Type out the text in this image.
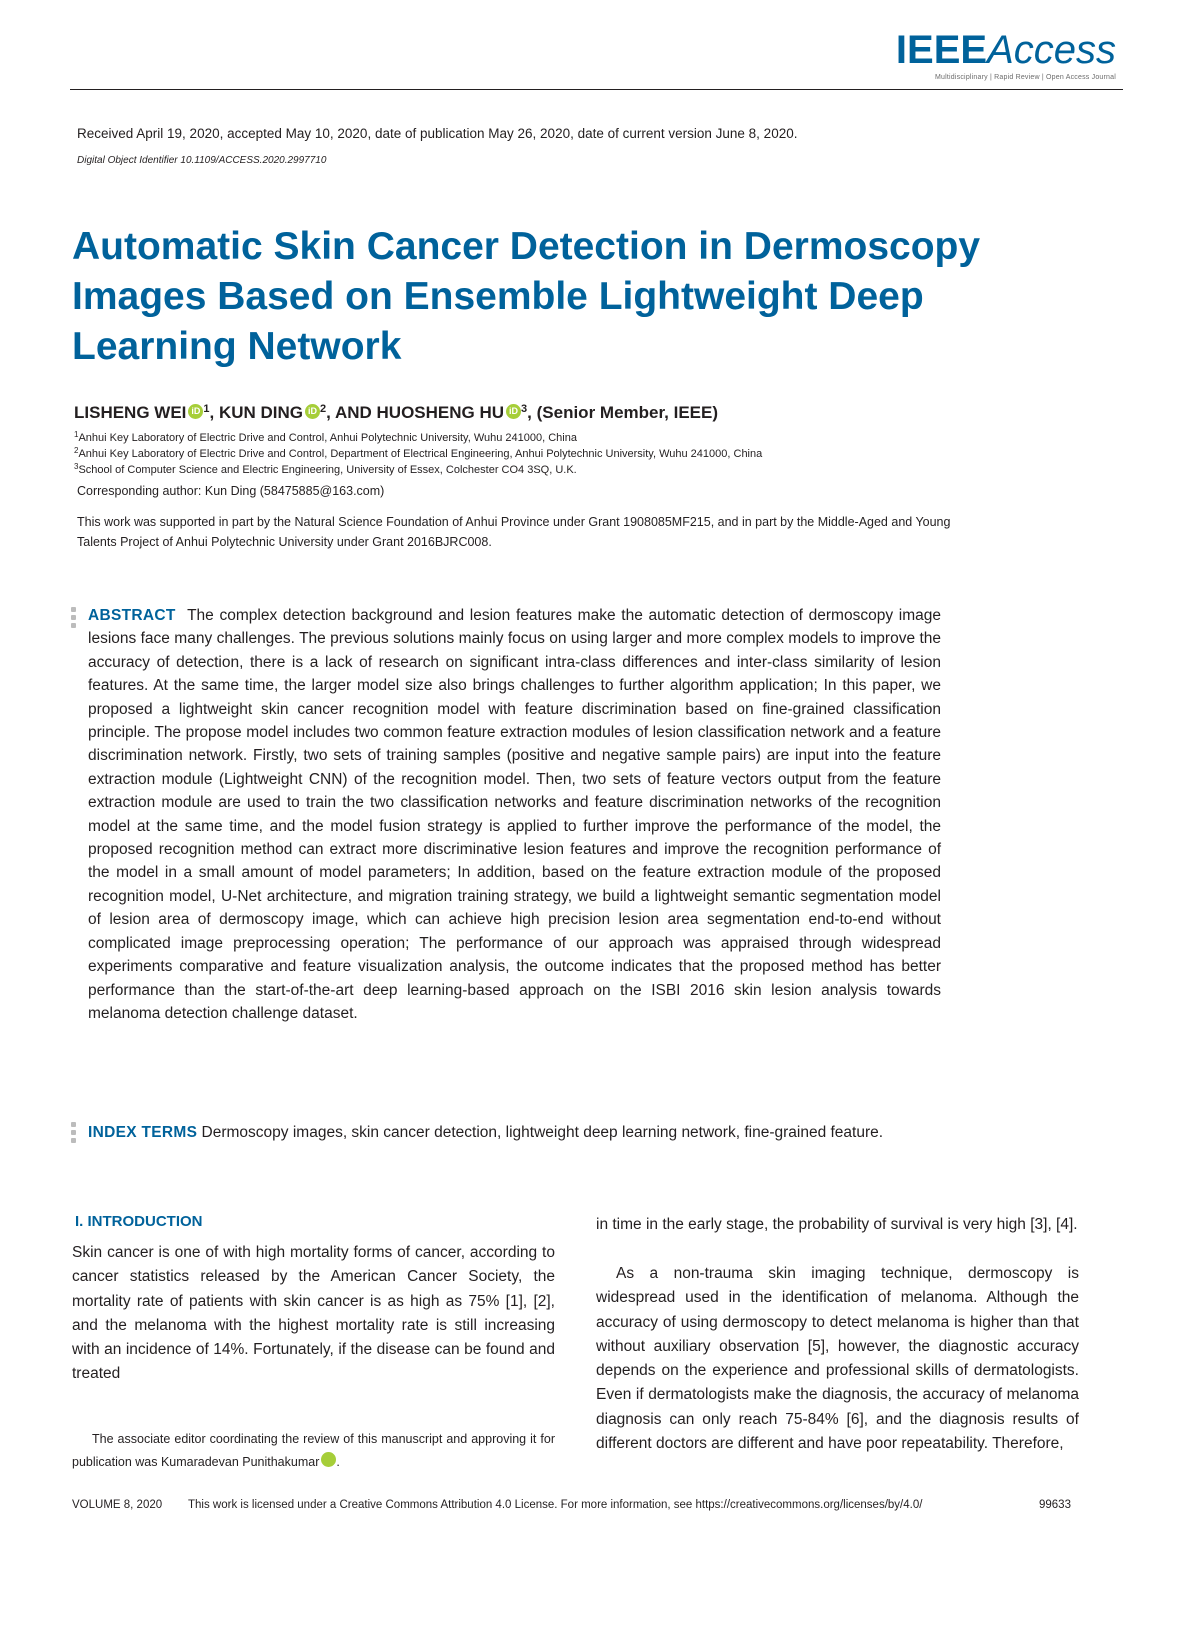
IEEEAccess
Multidisciplinary | Rapid Review | Open Access Journal
Received April 19, 2020, accepted May 10, 2020, date of publication May 26, 2020, date of current version June 8, 2020.
Digital Object Identifier 10.1109/ACCESS.2020.2997710
Automatic Skin Cancer Detection in Dermoscopy Images Based on Ensemble Lightweight Deep Learning Network
LISHENG WEI iD $^1$, KUN DING iD $^2$, AND HUOSHENG HU iD $^3$, (Senior Member, IEEE)
$^1$Anhui Key Laboratory of Electric Drive and Control, Anhui Polytechnic University, Wuhu 241000, China
$^2$Anhui Key Laboratory of Electric Drive and Control, Department of Electrical Engineering, Anhui Polytechnic University, Wuhu 241000, China
$^3$School of Computer Science and Electric Engineering, University of Essex, Colchester CO4 3SQ, U.K.
Corresponding author: Kun Ding (58475885@163.com)
This work was supported in part by the Natural Science Foundation of Anhui Province under Grant 1908085MF215, and in part by the Middle-Aged and Young Talents Project of Anhui Polytechnic University under Grant 2016BJRC008.

ABSTRACT The complex detection background and lesion features make the automatic detection of dermoscopy image lesions face many challenges. The previous solutions mainly focus on using larger and more complex models to improve the accuracy of detection, there is a lack of research on significant intra-class differences and inter-class similarity of lesion features. At the same time, the larger model size also brings challenges to further algorithm application; In this paper, we proposed a lightweight skin cancer recognition model with feature discrimination based on fine-grained classification principle. The propose model includes two common feature extraction modules of lesion classification network and a feature discrimination network. Firstly, two sets of training samples (positive and negative sample pairs) are input into the feature extraction module (Lightweight CNN) of the recognition model. Then, two sets of feature vectors output from the feature extraction module are used to train the two classification networks and feature discrimination networks of the recognition model at the same time, and the model fusion strategy is applied to further improve the performance of the model, the proposed recognition method can extract more discriminative lesion features and improve the recognition performance of the model in a small amount of model parameters; In addition, based on the feature extraction module of the proposed recognition model, U-Net architecture, and migration training strategy, we build a lightweight semantic segmentation model of lesion area of dermoscopy image, which can achieve high precision lesion area segmentation end-to-end without complicated image preprocessing operation; The performance of our approach was appraised through widespread experiments comparative and feature visualization analysis, the outcome indicates that the proposed method has better performance than the start-of-the-art deep learning-based approach on the ISBI 2016 skin lesion analysis towards melanoma detection challenge dataset.

INDEX TERMS Dermoscopy images, skin cancer detection, lightweight deep learning network, fine-grained feature.

I. INTRODUCTION

Skin cancer is one of with high mortality forms of cancer, according to cancer statistics released by the American Cancer Society, the mortality rate of patients with skin cancer is as high as 75% [1], [2], and the melanoma with the highest mortality rate is still increasing with an incidence of 14%. Fortunately, if the disease can be found and treated

in time in the early stage, the probability of survival is very high [3], [4].

As a non-trauma skin imaging technique, dermoscopy is widespread used in the identification of melanoma. Although the accuracy of using dermoscopy to detect melanoma is higher than that without auxiliary observation [5], however, the diagnostic accuracy depends on the experience and professional skills of dermatologists. Even if dermatologists make the diagnosis, the accuracy of melanoma diagnosis can only reach 75-84% [6], and the diagnosis results of different doctors are different and have poor repeatability. Therefore,

The associate editor coordinating the review of this manuscript and approving it for publication was Kumaradevan Punithakumar iD.

VOLUME 8, 2020 This work is licensed under a Creative Commons Attribution 4.0 License. For more information, see https://creativecommons.org/licenses/by/4.0/	99633
